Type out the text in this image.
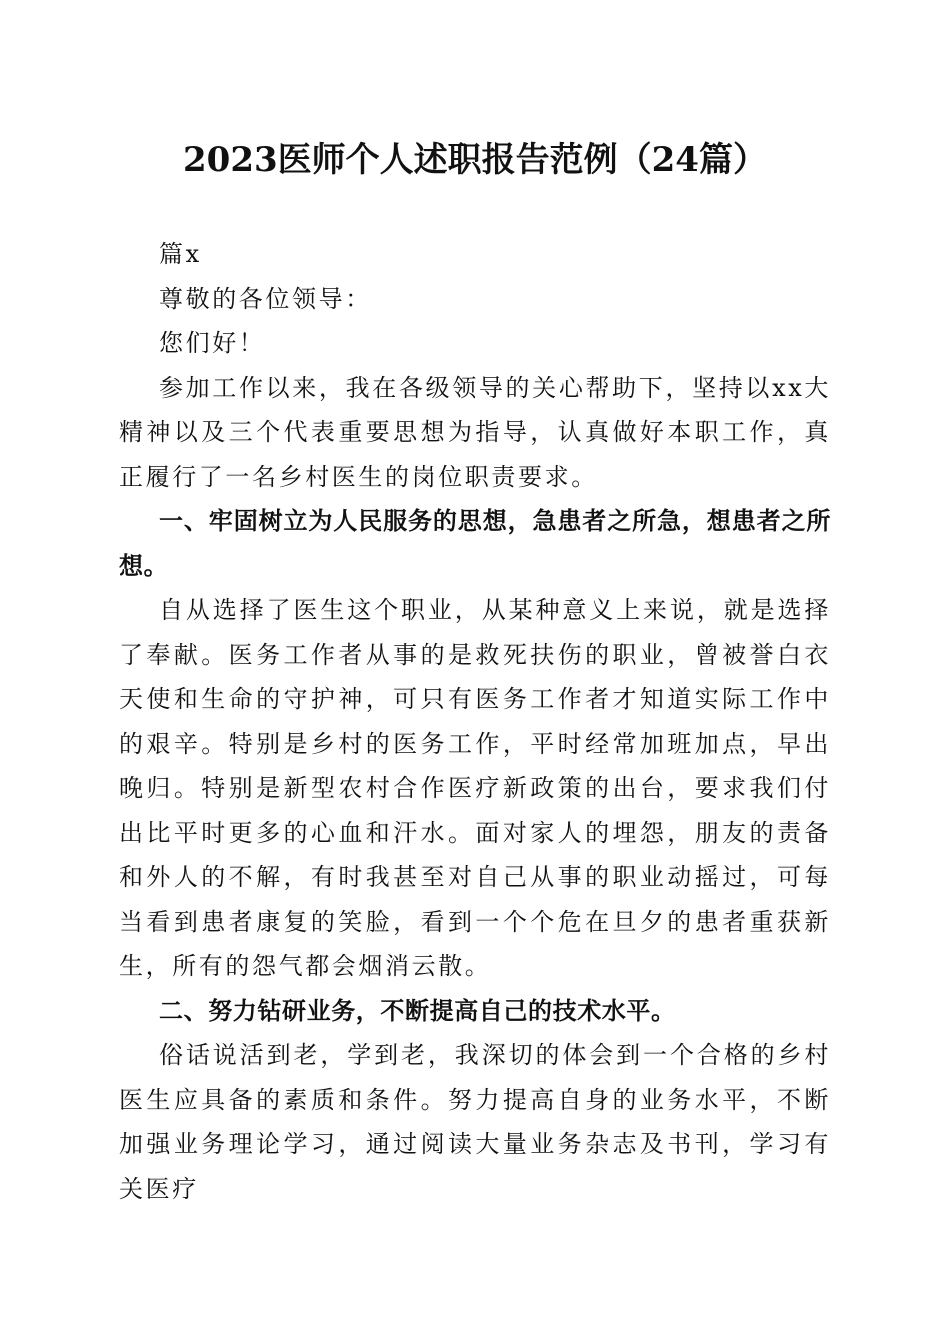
2023医师个人述职报告范例（24篇）

篇x

尊敬的各位领导：

您们好！

参加工作以来，我在各级领导的关心帮助下，坚持以xx大精神以及三个代表重要思想为指导，认真做好本职工作，真正履行了一名乡村医生的岗位职责要求。

一、牢固树立为人民服务的思想，急患者之所急，想患者之所想。

自从选择了医生这个职业，从某种意义上来说，就是选择了奉献。医务工作者从事的是救死扶伤的职业，曾被誉白衣天使和生命的守护神，可只有医务工作者才知道实际工作中的艰辛。特别是乡村的医务工作，平时经常加班加点，早出晚归。特别是新型农村合作医疗新政策的出台，要求我们付出比平时更多的心血和汗水。面对家人的埋怨，朋友的责备和外人的不解，有时我甚至对自己从事的职业动摇过，可每当看到患者康复的笑脸，看到一个个危在旦夕的患者重获新生，所有的怨气都会烟消云散。

二、努力钻研业务，不断提高自己的技术水平。

俗话说活到老，学到老，我深切的体会到一个合格的乡村医生应具备的素质和条件。努力提高自身的业务水平，不断加强业务理论学习，通过阅读大量业务杂志及书刊，学习有关医疗
